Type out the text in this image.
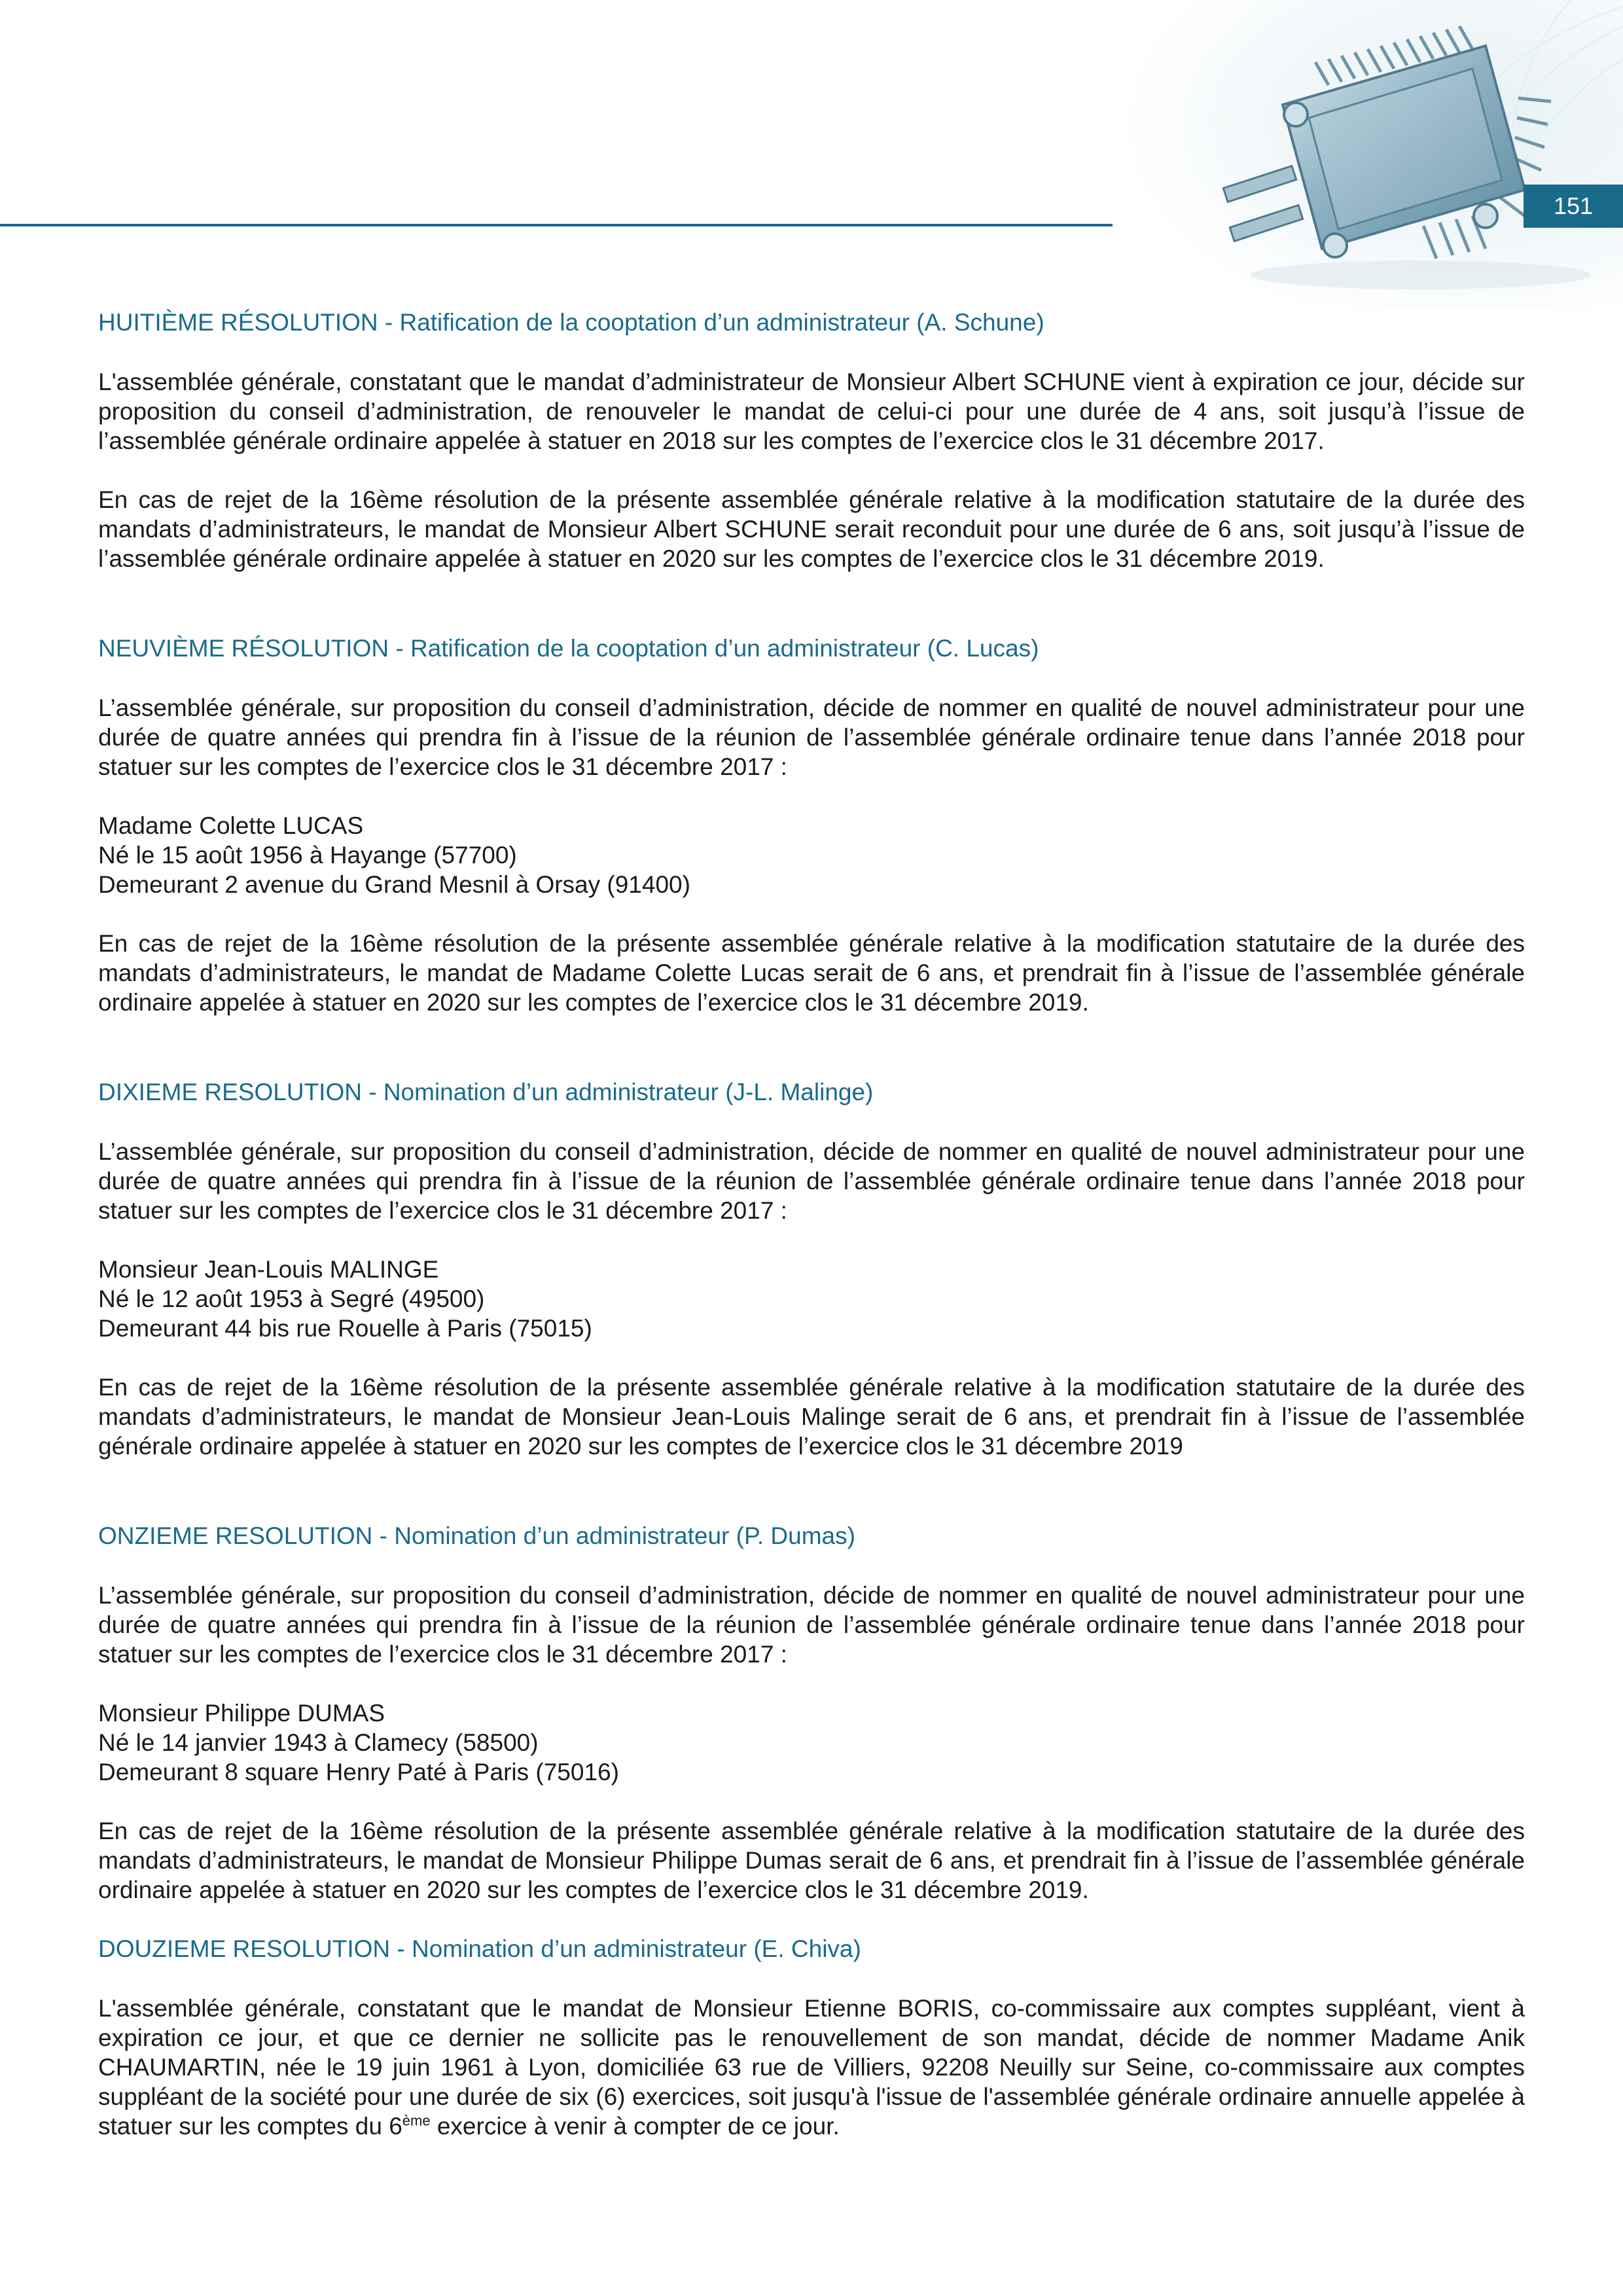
151
HUITIÈME RÉSOLUTION - Ratification de la cooptation d’un administrateur (A. Schune)

L'assemblée générale, constatant que le mandat d’administrateur de Monsieur Albert SCHUNE vient à expiration ce jour, décide sur proposition du conseil d’administration, de renouveler le mandat de celui-ci pour une durée de 4 ans, soit jusqu’à l’issue de l’assemblée générale ordinaire appelée à statuer en 2018 sur les comptes de l’exercice clos le 31 décembre 2017.

En cas de rejet de la 16ème résolution de la présente assemblée générale relative à la modification statutaire de la durée des mandats d’administrateurs, le mandat de Monsieur Albert SCHUNE serait reconduit pour une durée de 6 ans, soit jusqu’à l’issue de l’assemblée générale ordinaire appelée à statuer en 2020 sur les comptes de l’exercice clos le 31 décembre 2019.

NEUVIÈME RÉSOLUTION - Ratification de la cooptation d’un administrateur (C. Lucas)

L’assemblée générale, sur proposition du conseil d’administration, décide de nommer en qualité de nouvel administrateur pour une durée de quatre années qui prendra fin à l’issue de la réunion de l’assemblée générale ordinaire tenue dans l’année 2018 pour statuer sur les comptes de l’exercice clos le 31 décembre 2017 :

Madame Colette LUCAS

Né le 15 août 1956 à Hayange (57700)

Demeurant 2 avenue du Grand Mesnil à Orsay (91400)

En cas de rejet de la 16ème résolution de la présente assemblée générale relative à la modification statutaire de la durée des mandats d’administrateurs, le mandat de Madame Colette Lucas serait de 6 ans, et prendrait fin à l’issue de l’assemblée générale ordinaire appelée à statuer en 2020 sur les comptes de l’exercice clos le 31 décembre 2019.

DIXIEME RESOLUTION - Nomination d’un administrateur (J-L. Malinge)

L’assemblée générale, sur proposition du conseil d’administration, décide de nommer en qualité de nouvel administrateur pour une durée de quatre années qui prendra fin à l’issue de la réunion de l’assemblée générale ordinaire tenue dans l’année 2018 pour statuer sur les comptes de l’exercice clos le 31 décembre 2017 :

Monsieur Jean-Louis MALINGE

Né le 12 août 1953 à Segré (49500)

Demeurant 44 bis rue Rouelle à Paris (75015)

En cas de rejet de la 16ème résolution de la présente assemblée générale relative à la modification statutaire de la durée des mandats d’administrateurs, le mandat de Monsieur Jean-Louis Malinge serait de 6 ans, et prendrait fin à l’issue de l’assemblée générale ordinaire appelée à statuer en 2020 sur les comptes de l’exercice clos le 31 décembre 2019

ONZIEME RESOLUTION - Nomination d’un administrateur (P. Dumas)

L’assemblée générale, sur proposition du conseil d’administration, décide de nommer en qualité de nouvel administrateur pour une durée de quatre années qui prendra fin à l’issue de la réunion de l’assemblée générale ordinaire tenue dans l’année 2018 pour statuer sur les comptes de l’exercice clos le 31 décembre 2017 :

Monsieur Philippe DUMAS

Né le 14 janvier 1943 à Clamecy (58500)

Demeurant 8 square Henry Paté à Paris (75016)

En cas de rejet de la 16ème résolution de la présente assemblée générale relative à la modification statutaire de la durée des mandats d’administrateurs, le mandat de Monsieur Philippe Dumas serait de 6 ans, et prendrait fin à l’issue de l’assemblée générale ordinaire appelée à statuer en 2020 sur les comptes de l’exercice clos le 31 décembre 2019.

DOUZIEME RESOLUTION - Nomination d’un administrateur (E. Chiva)

L'assemblée générale, constatant que le mandat de Monsieur Etienne BORIS, co-commissaire aux comptes suppléant, vient à expiration ce jour, et que ce dernier ne sollicite pas le renouvellement de son mandat, décide de nommer Madame Anik CHAUMARTIN, née le 19 juin 1961 à Lyon, domiciliée 63 rue de Villiers, 92208 Neuilly sur Seine, co-commissaire aux comptes suppléant de la société pour une durée de six (6) exercices, soit jusqu'à l'issue de l'assemblée générale ordinaire annuelle appelée à statuer sur les comptes du 6ème exercice à venir à compter de ce jour.
